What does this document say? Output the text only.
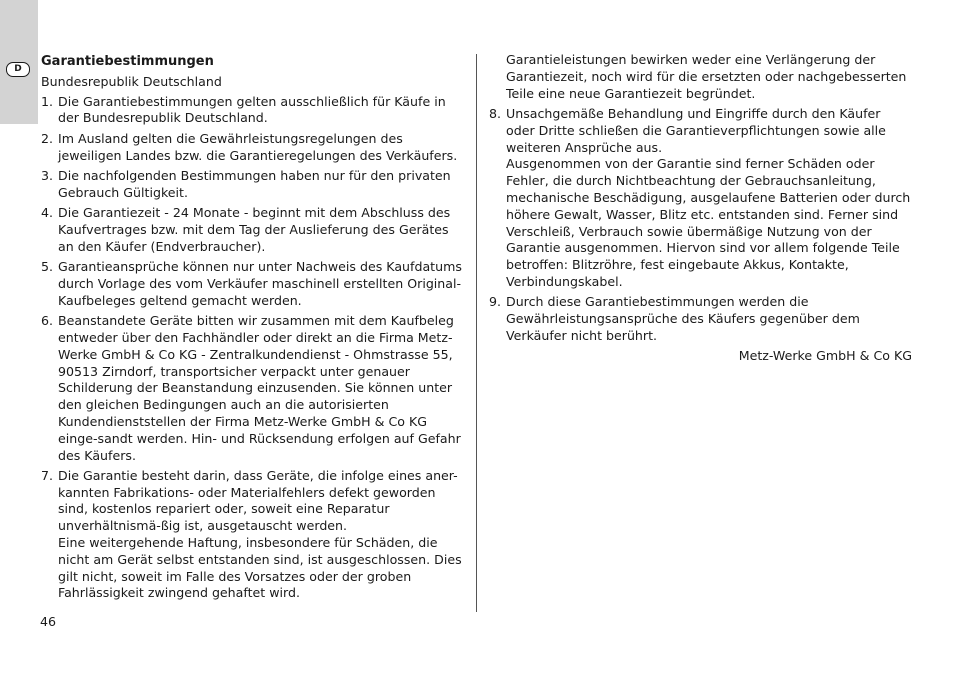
D	Garantiebestimmungen
Bundesrepublik Deutschland
1. Die Garantiebestimmungen gelten ausschließlich für Käufe in der Bundesrepublik Deutschland.

2. Im Ausland gelten die Gewährleistungsregelungen des jeweiligen Landes bzw. die Garantieregelungen des Verkäufers.

3. Die nachfolgenden Bestimmungen haben nur für den privaten Gebrauch Gültigkeit.

4. Die Garantiezeit - 24 Monate - beginnt mit dem Abschluss des Kaufvertrages bzw. mit dem Tag der Auslieferung des Gerätes an den Käufer (Endverbraucher).

5. Garantieansprüche können nur unter Nachweis des Kaufdatums durch Vorlage des vom Verkäufer maschinell erstellten Original-Kaufbeleges geltend gemacht werden.

6. Beanstandete Geräte bitten wir zusammen mit dem Kaufbeleg entweder über den Fachhändler oder direkt an die Firma Metz-Werke GmbH & Co KG - Zentralkundendienst - Ohmstrasse 55, 90513 Zirndorf, transportsicher verpackt unter genauer Schilderung der Beanstandung einzusenden. Sie können unter den gleichen Bedingungen auch an die autorisierten Kundendienststellen der Firma Metz-Werke GmbH & Co KG einge-sandt werden. Hin- und Rücksendung erfolgen auf Gefahr des Käufers.

7. Die Garantie besteht darin, dass Geräte, die infolge eines aner-kannten Fabrikations- oder Materialfehlers defekt geworden sind, kostenlos repariert oder, soweit eine Reparatur unverhältnismä-ßig ist, ausgetauscht werden.

Eine weitergehende Haftung, insbesondere für Schäden, die nicht am Gerät selbst entstanden sind, ist ausgeschlossen. Dies gilt nicht, soweit im Falle des Vorsatzes oder der groben Fahrlässigkeit zwingend gehaftet wird.

Garantieleistungen bewirken weder eine Verlängerung der Garantiezeit, noch wird für die ersetzten oder nachgebesserten Teile eine neue Garantiezeit begründet.

8. Unsachgemäße Behandlung und Eingriffe durch den Käufer oder Dritte schließen die Garantieverpflichtungen sowie alle weiteren Ansprüche aus.

Ausgenommen von der Garantie sind ferner Schäden oder Fehler, die durch Nichtbeachtung der Gebrauchsanleitung, mechanische Beschädigung, ausgelaufene Batterien oder durch höhere Gewalt, Wasser, Blitz etc. entstanden sind. Ferner sind Verschleiß, Verbrauch sowie übermäßige Nutzung von der Garantie ausgenommen. Hiervon sind vor allem folgende Teile betroffen: Blitzröhre, fest eingebaute Akkus, Kontakte, Verbindungskabel.

9. Durch diese Garantiebestimmungen werden die Gewährleistungsansprüche des Käufers gegenüber dem Verkäufer nicht berührt.

Metz-Werke GmbH & Co KG
46
